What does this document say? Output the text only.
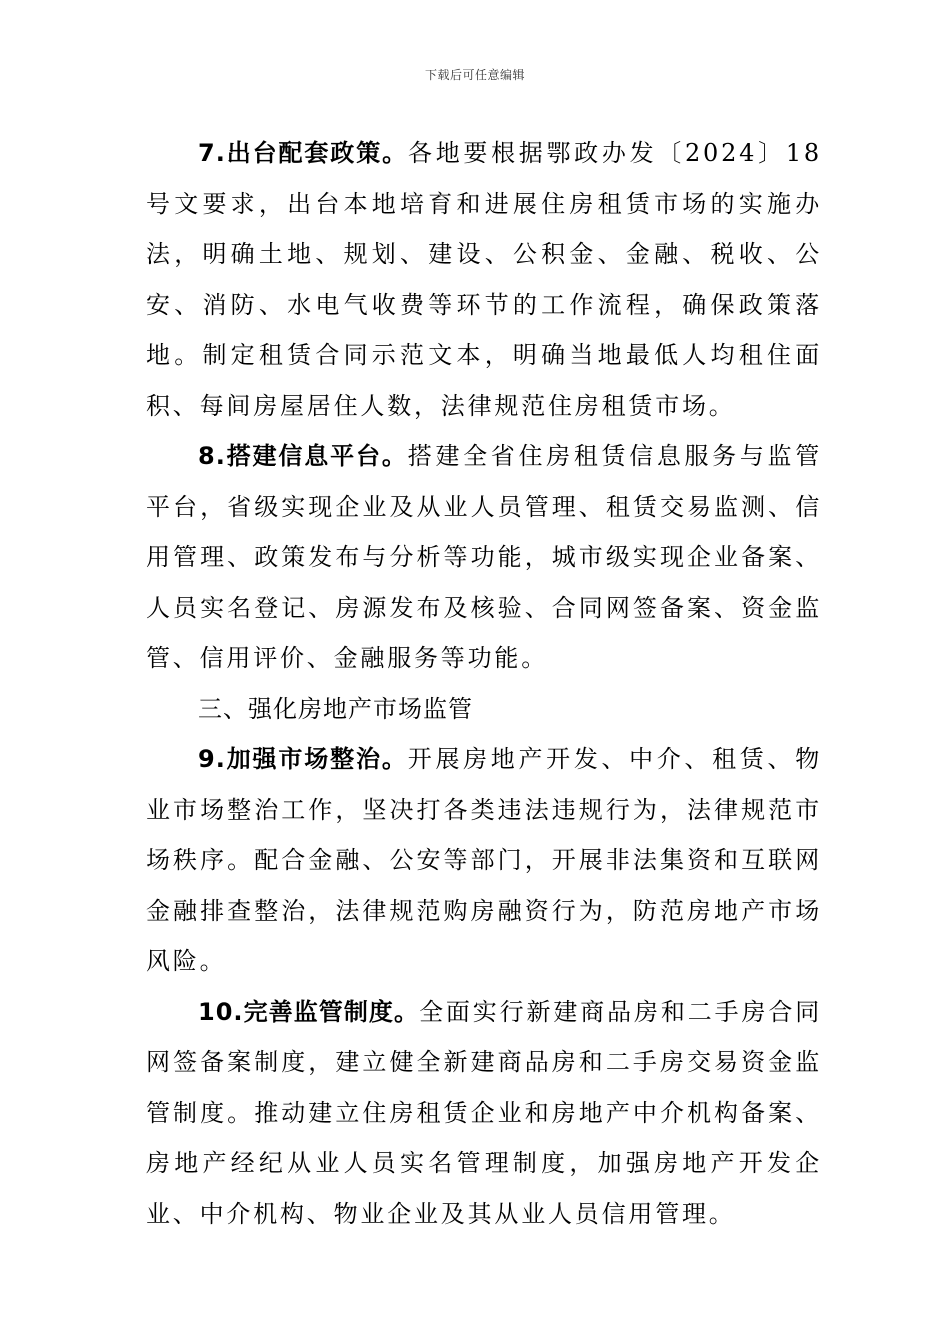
下载后可任意编辑

7.出台配套政策。各地要根据鄂政办发〔2024〕18号文要求，出台本地培育和进展住房租赁市场的实施办法，明确土地、规划、建设、公积金、金融、税收、公安、消防、水电气收费等环节的工作流程，确保政策落地。制定租赁合同示范文本，明确当地最低人均租住面积、每间房屋居住人数，法律规范住房租赁市场。

8.搭建信息平台。搭建全省住房租赁信息服务与监管平台，省级实现企业及从业人员管理、租赁交易监测、信用管理、政策发布与分析等功能，城市级实现企业备案、人员实名登记、房源发布及核验、合同网签备案、资金监管、信用评价、金融服务等功能。

三、强化房地产市场监管

9.加强市场整治。开展房地产开发、中介、租赁、物业市场整治工作，坚决打各类违法违规行为，法律规范市场秩序。配合金融、公安等部门，开展非法集资和互联网金融排查整治，法律规范购房融资行为，防范房地产市场风险。

10.完善监管制度。全面实行新建商品房和二手房合同网签备案制度，建立健全新建商品房和二手房交易资金监管制度。推动建立住房租赁企业和房地产中介机构备案、房地产经纪从业人员实名管理制度，加强房地产开发企业、中介机构、物业企业及其从业人员信用管理。
